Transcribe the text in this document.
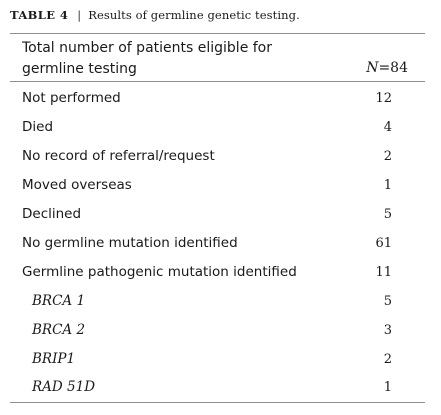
TABLE 4 | Results of germline genetic testing.
Total number of patients eligible for germline testing	N=84
Not performed	12
Died	4
No record of referral/request	2
Moved overseas	1
Declined	5
No germline mutation identified	61
Germline pathogenic mutation identified	11
BRCA 1	5
BRCA 2	3
BRIP1	2
RAD 51D	1
